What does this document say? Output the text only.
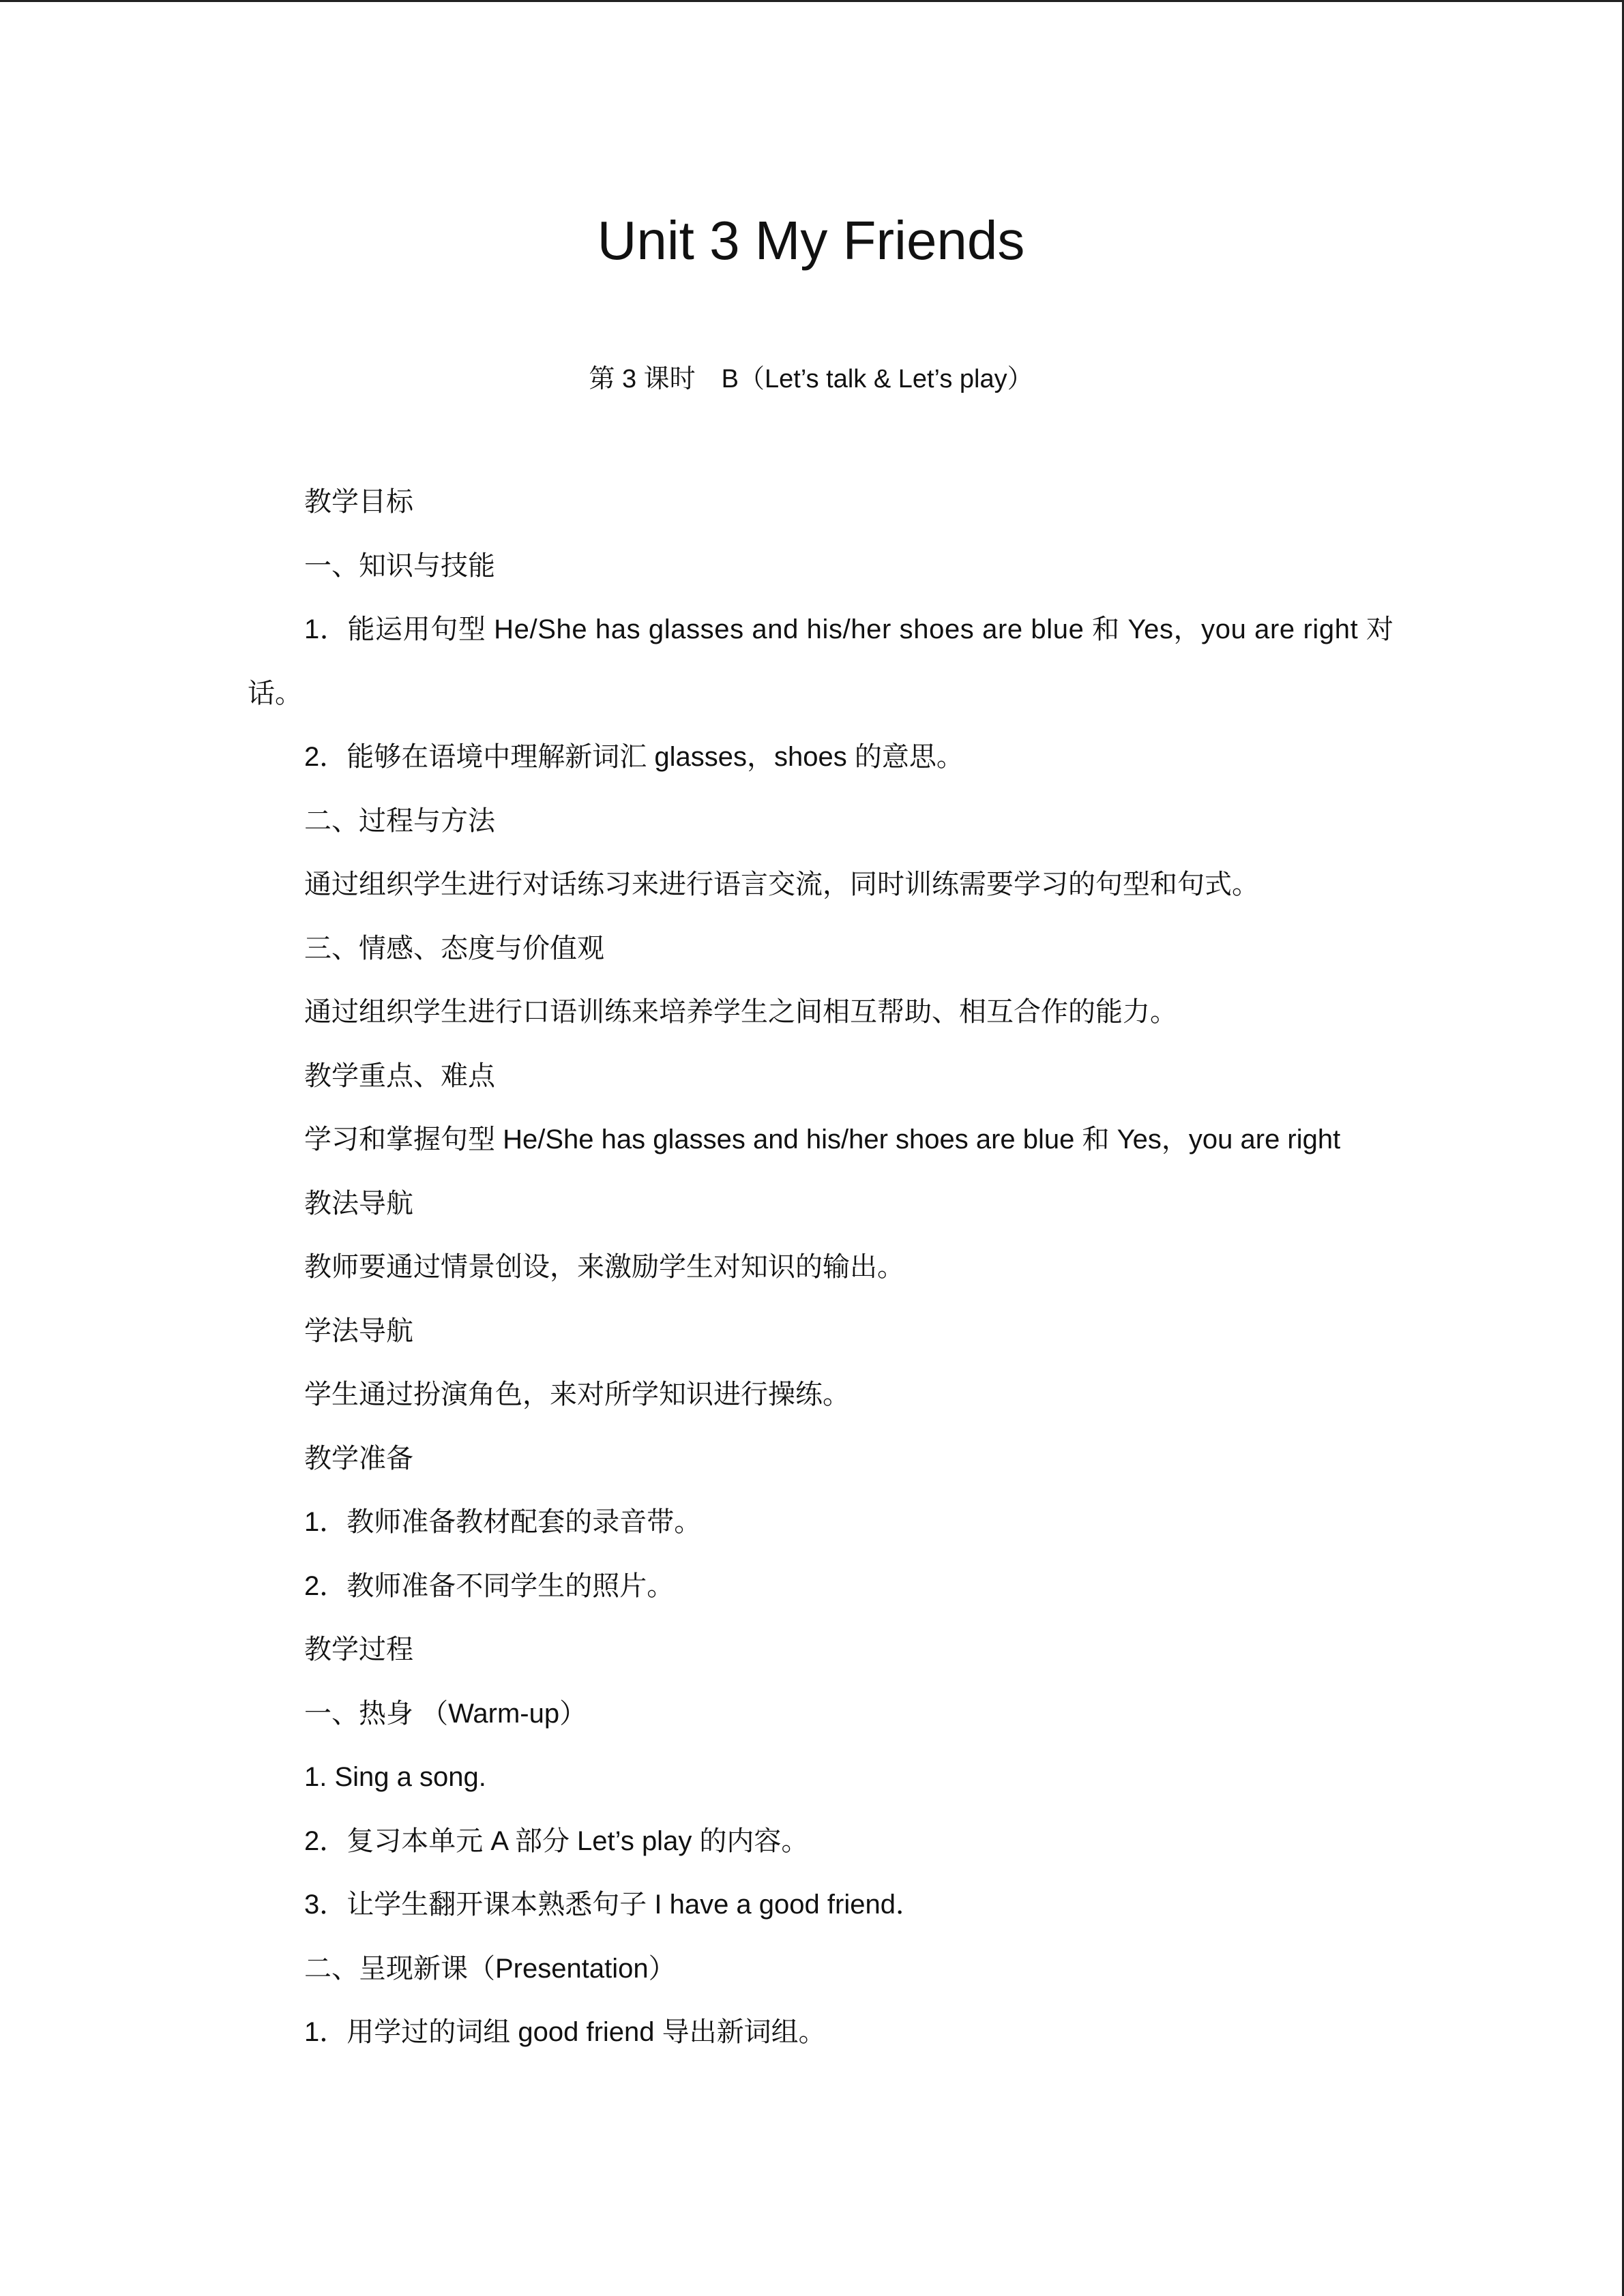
Unit 3 My Friends
第 3 课时　B（Let’s talk & Let’s play）
教学目标
一、知识与技能
1．能运用句型 He/She has glasses and his/her shoes are blue 和 Yes，you are right 对
话。
2．能够在语境中理解新词汇 glasses，shoes 的意思。
二、过程与方法
通过组织学生进行对话练习来进行语言交流，同时训练需要学习的句型和句式。
三、情感、态度与价值观
通过组织学生进行口语训练来培养学生之间相互帮助、相互合作的能力。
教学重点、难点
学习和掌握句型 He/She has glasses and his/her shoes are blue 和 Yes，you are right
教法导航
教师要通过情景创设，来激励学生对知识的输出。
学法导航
学生通过扮演角色，来对所学知识进行操练。
教学准备
1．教师准备教材配套的录音带。
2．教师准备不同学生的照片。
教学过程
一、热身 （Warm-up）
1. Sing a song.
2．复习本单元 A 部分 Let’s play 的内容。
3．让学生翻开课本熟悉句子 I have a good friend．
二、呈现新课（Presentation）
1．用学过的词组 good friend 导出新词组。
